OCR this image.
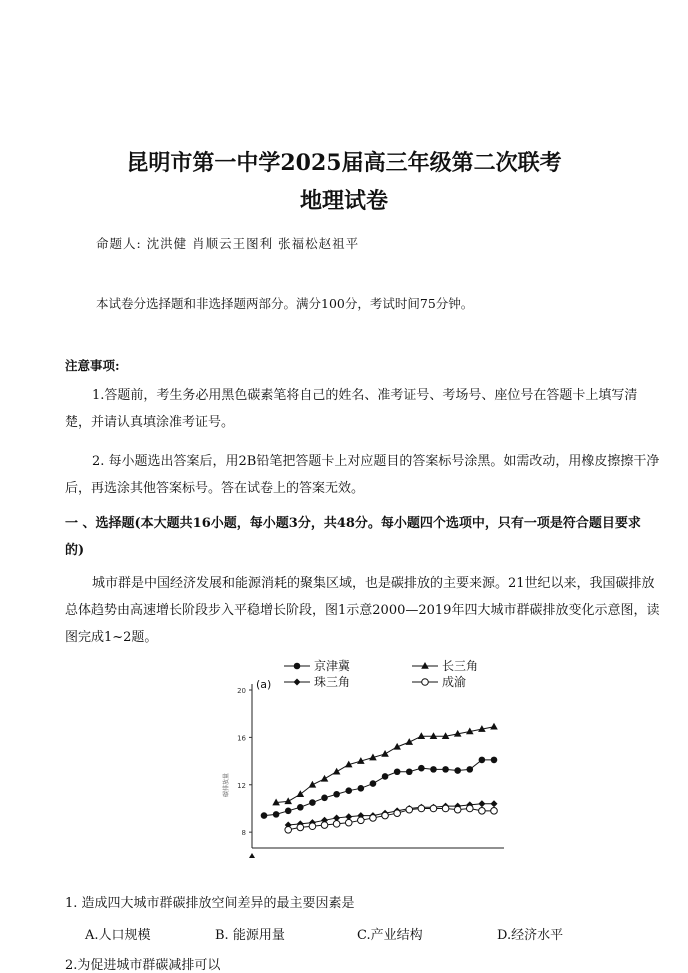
昆明市第一中学2025届高三年级第二次联考
地理试卷
命题人: 沈洪健 肖顺云王图利 张福松赵祖平
本试卷分选择题和非选择题两部分。满分100分，考试时间75分钟。
注意事项:

1.答题前，考生务必用黑色碳素笔将自己的姓名、准考证号、考场号、座位号在答题卡上填写清楚，并请认真填涂准考证号。

2. 每小题选出答案后，用2B铅笔把答题卡上对应题目的答案标号涂黑。如需改动，用橡皮擦擦干净后，再选涂其他答案标号。答在试卷上的答案无效。

一 、选择题(本大题共16小题，每小题3分，共48分。每小题四个选项中，只有一项是符合题目要求的)

城市群是中国经济发展和能源消耗的聚集区域，也是碳排放的主要来源。21世纪以来，我国碳排放总体趋势由高速增长阶段步入平稳增长阶段，图1示意2000—2019年四大城市群碳排放变化示意图，读图完成1~2题。

8
12
16
20
碳排放量
(a)
京津冀	长三角
珠三角	成渝
1. 造成四大城市群碳排放空间差异的最主要因素是
A.人口规模	B. 能源用量	C.产业结构	D.经济水平
2.为促进城市群碳减排可以
